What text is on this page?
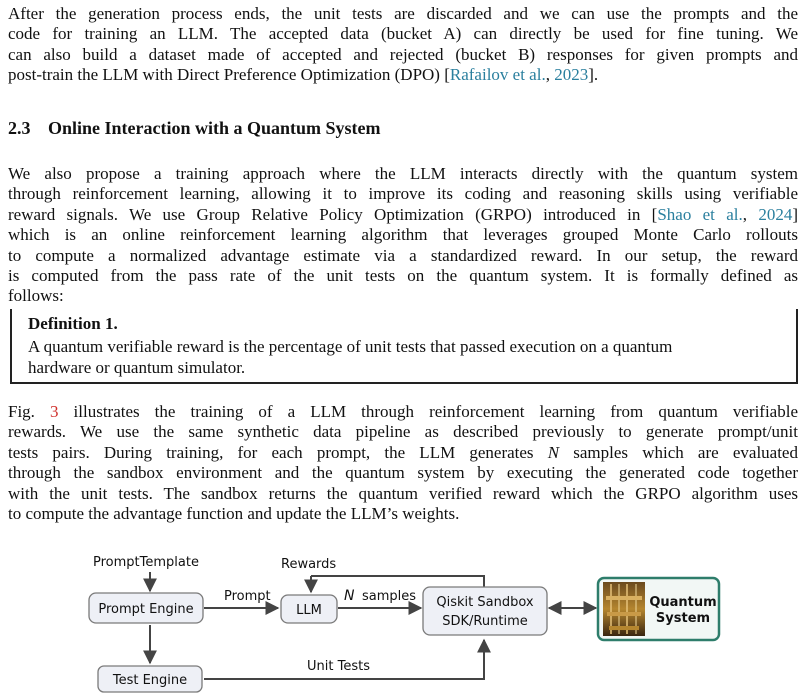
After the generation process ends, the unit tests are discarded and we can use the prompts and the
code for training an LLM. The accepted data (bucket A) can directly be used for fine tuning. We
can also build a dataset made of accepted and rejected (bucket B) responses for given prompts and
post-train the LLM with Direct Preference Optimization (DPO) [Rafailov et al., 2023].
2.3 Online Interaction with a Quantum System
We also propose a training approach where the LLM interacts directly with the quantum system
through reinforcement learning, allowing it to improve its coding and reasoning skills using verifiable
reward signals. We use Group Relative Policy Optimization (GRPO) introduced in [Shao et al., 2024]
which is an online reinforcement learning algorithm that leverages grouped Monte Carlo rollouts
to compute a normalized advantage estimate via a standardized reward. In our setup, the reward
is computed from the pass rate of the unit tests on the quantum system. It is formally defined as
follows:
Definition 1.
A quantum verifiable reward is the percentage of unit tests that passed execution on a quantum
hardware or quantum simulator.
Fig. 3 illustrates the training of a LLM through reinforcement learning from quantum verifiable
rewards. We use the same synthetic data pipeline as described previously to generate prompt/unit
tests pairs. During training, for each prompt, the LLM generates N samples which are evaluated
through the sandbox environment and the quantum system by executing the generated code together
with the unit tests. The sandbox returns the quantum verified reward which the GRPO algorithm uses
to compute the advantage function and update the LLM’s weights.
PromptTemplate	Rewards
Prompt	N samples
Unit Tests
Prompt Engine	LLM
Qiskit Sandbox
SDK/Runtime
Quantum
System
Test Engine
